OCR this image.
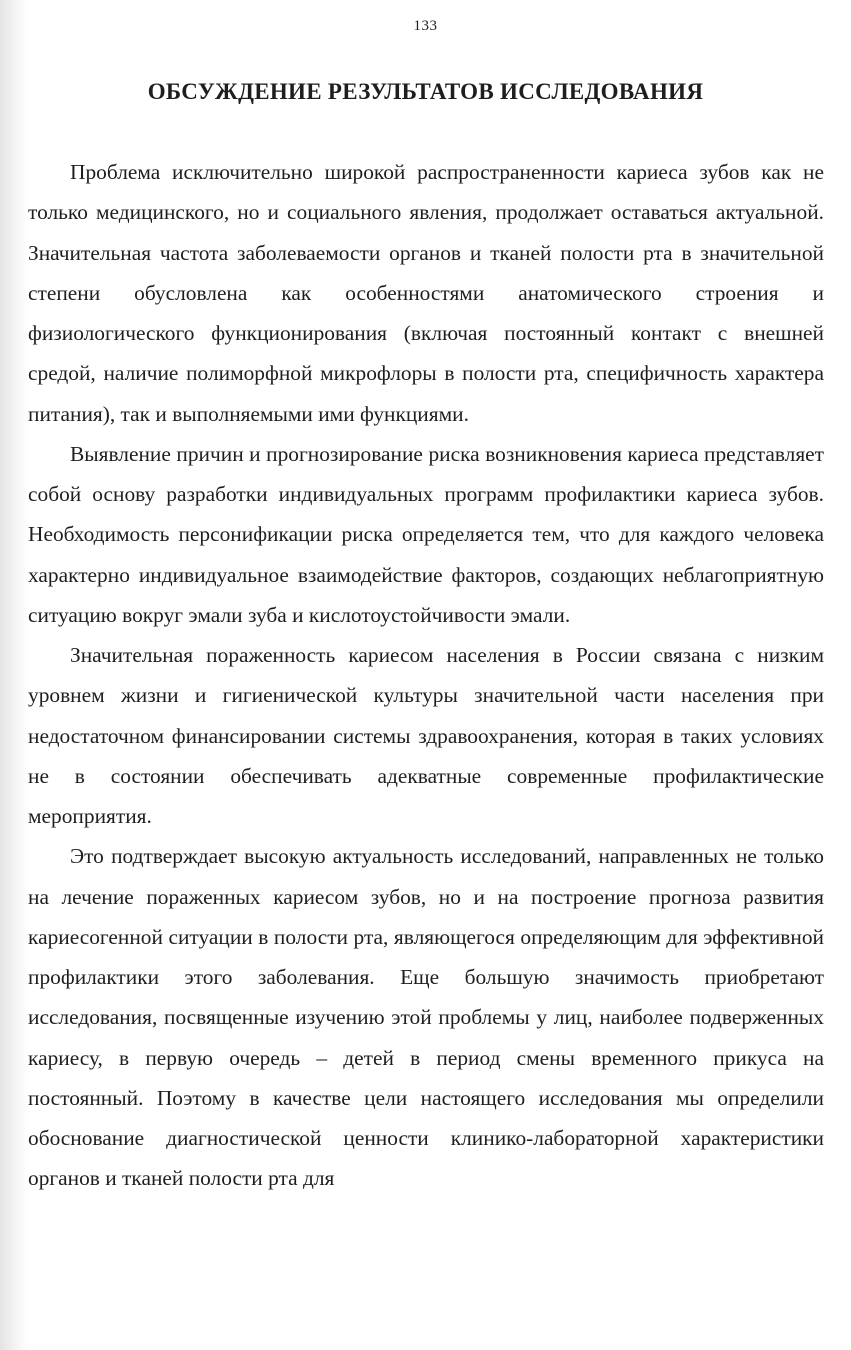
133
ОБСУЖДЕНИЕ РЕЗУЛЬТАТОВ ИССЛЕДОВАНИЯ

Проблема исключительно широкой распространенности кариеса зубов как не только медицинского, но и социального явления, продолжает оставаться актуальной. Значительная частота заболеваемости органов и тканей полости рта в значительной степени обусловлена как особенностями анатомического строения и физиологического функционирования (включая постоянный контакт с внешней средой, наличие полиморфной микрофлоры в полости рта, специфичность характера питания), так и выполняемыми ими функциями.

Выявление причин и прогнозирование риска возникновения кариеса представляет собой основу разработки индивидуальных программ профилактики кариеса зубов. Необходимость персонификации риска определяется тем, что для каждого человека характерно индивидуальное взаимодействие факторов, создающих неблагоприятную ситуацию вокруг эмали зуба и кислотоустойчивости эмали.

Значительная пораженность кариесом населения в России связана с низким уровнем жизни и гигиенической культуры значительной части населения при недостаточном финансировании системы здравоохранения, которая в таких условиях не в состоянии обеспечивать адекватные современные профилактические мероприятия.

Это подтверждает высокую актуальность исследований, направленных не только на лечение пораженных кариесом зубов, но и на построение прогноза развития кариесогенной ситуации в полости рта, являющегося определяющим для эффективной профилактики этого заболевания. Еще большую значимость приобретают исследования, посвященные изучению этой проблемы у лиц, наиболее подверженных кариесу, в первую очередь – детей в период смены временного прикуса на постоянный. Поэтому в качестве цели настоящего исследования мы определили обоснование диагностической ценности клинико-лабораторной характеристики органов и тканей полости рта для
